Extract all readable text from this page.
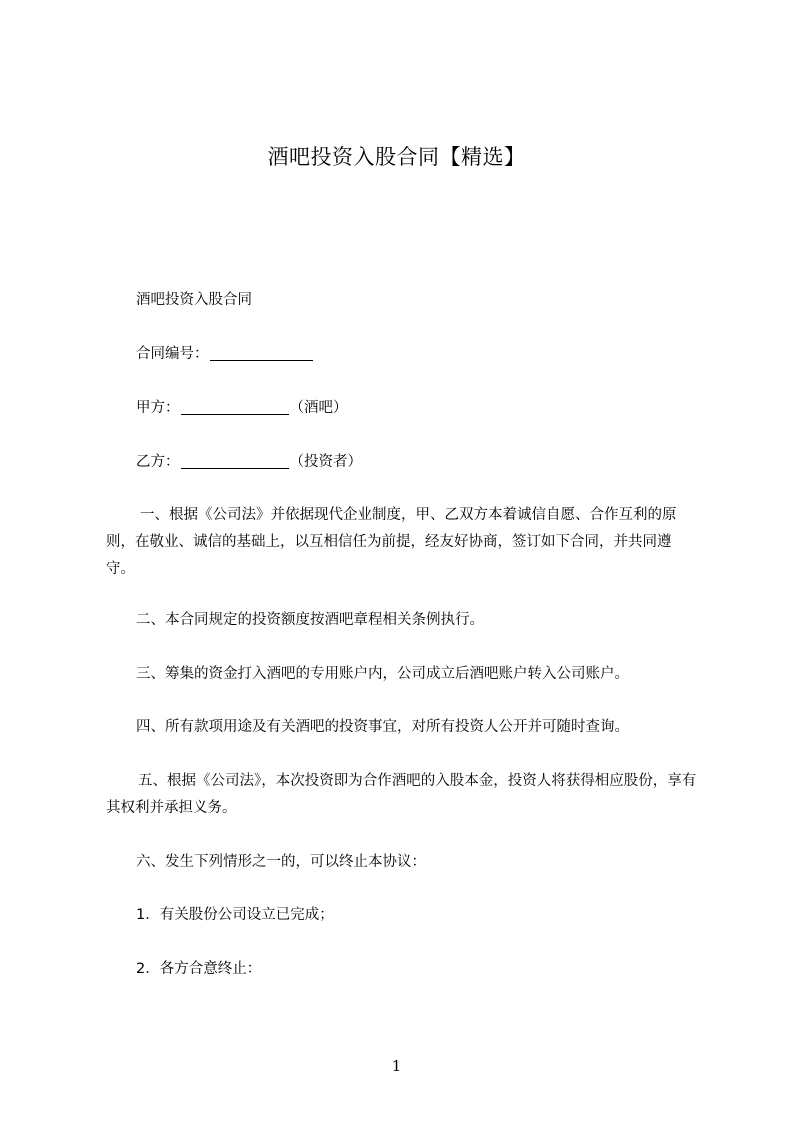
酒吧投资入股合同【精选】
酒吧投资入股合同
合同编号：
甲方：	（酒吧）
乙方：	（投资者）
一、根据《公司法》并依据现代企业制度，甲、乙双方本着诚信自愿、合作互利的原则，在敬业、诚信的基础上，以互相信任为前提，经友好协商，签订如下合同，并共同遵守。
二、本合同规定的投资额度按酒吧章程相关条例执行。
三、筹集的资金打入酒吧的专用账户内，公司成立后酒吧账户转入公司账户。
四、所有款项用途及有关酒吧的投资事宜，对所有投资人公开并可随时查询。
五、根据《公司法》，本次投资即为合作酒吧的入股本金，投资人将获得相应股份，享有其权利并承担义务。
六、发生下列情形之一的，可以终止本协议：
1．有关股份公司设立已完成；
2．各方合意终止：
1
